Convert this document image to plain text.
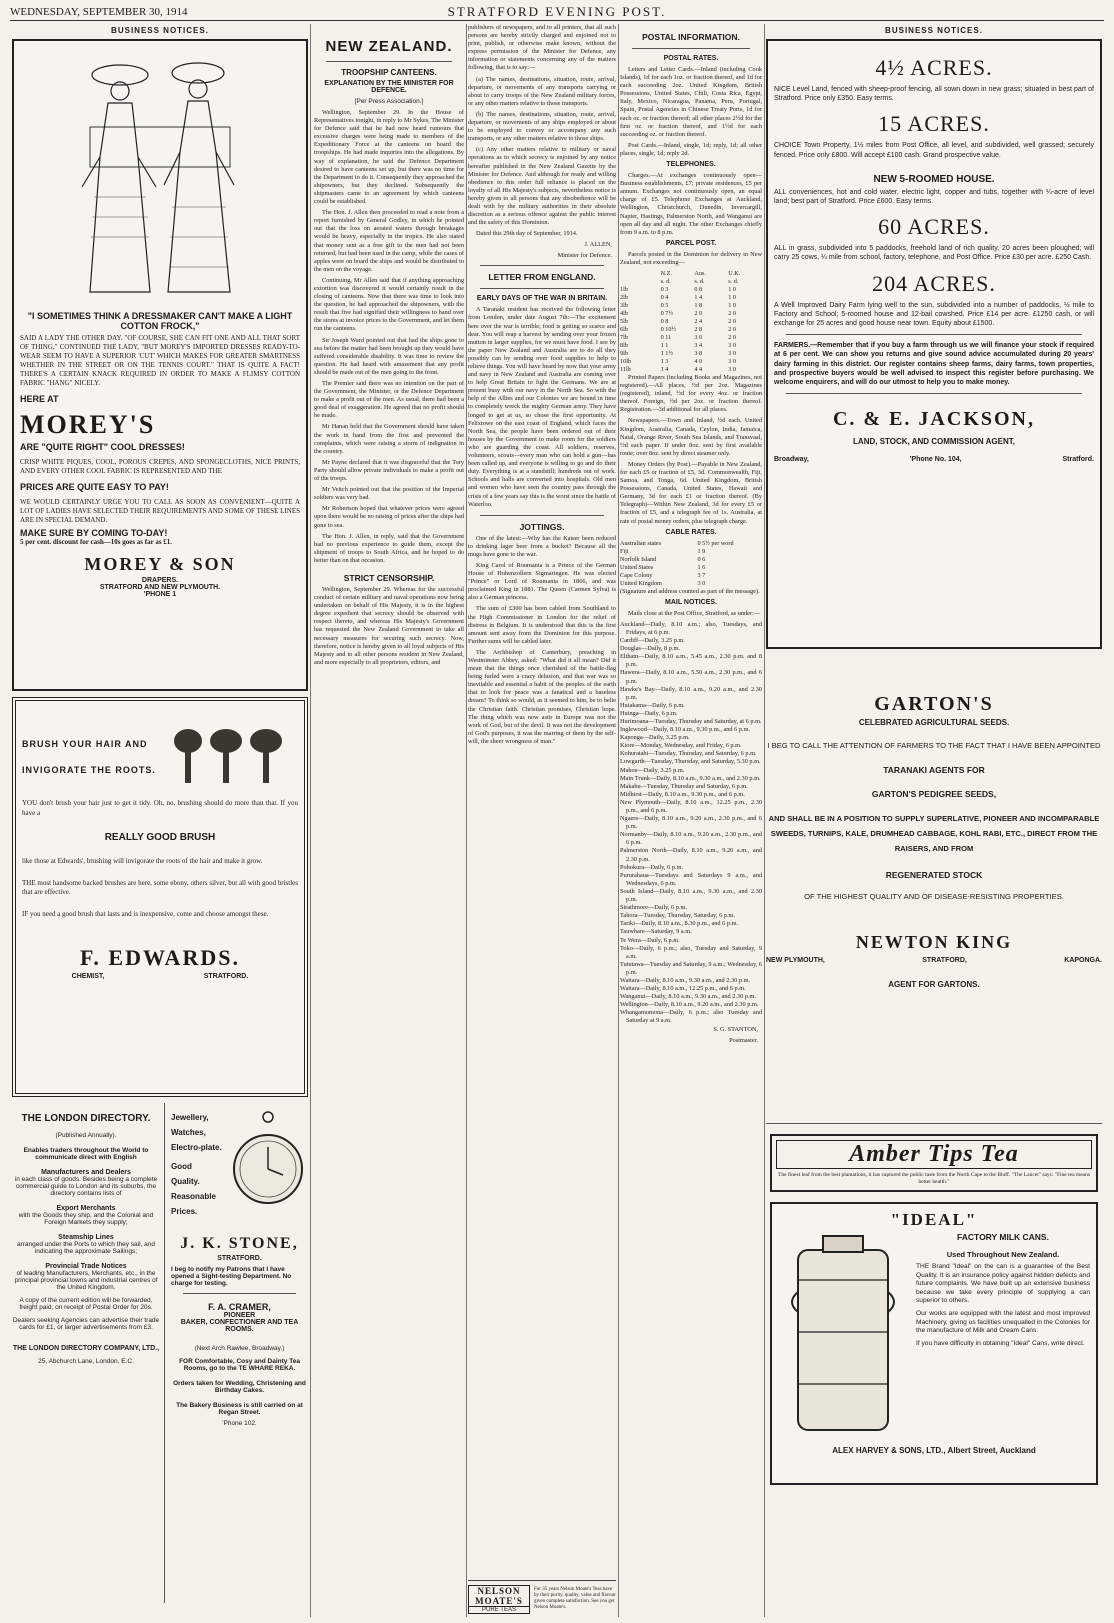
WEDNESDAY, SEPTEMBER 30, 1914	STRATFORD EVENING POST.
BUSINESS NOTICES.
"I SOMETIMES THINK A DRESSMAKER CAN'T MAKE A LIGHT COTTON FROCK,"
SAID A LADY THE OTHER DAY. "OF COURSE, SHE CAN FIT ONE AND ALL THAT SORT OF THING," CONTINUED THE LADY, "BUT MOREY'S IMPORTED DRESSES READY-TO-WEAR SEEM TO HAVE A SUPERIOR 'CUT' WHICH MAKES FOR GREATER SMARTNESS WHETHER IN THE STREET OR ON THE TENNIS COURT." THAT IS QUITE A FACT! THERE'S A CERTAIN KNACK REQUIRED IN ORDER TO MAKE A FLIMSY COTTON FABRIC "HANG" NICELY.
HERE AT
MOREY'S
ARE "QUITE RIGHT" COOL DRESSES!
CRISP WHITE PIQUES, COOL, POROUS CREPES, AND SPONGECLOTHS, NICE PRINTS, AND EVERY OTHER COOL FABRIC IS REPRESENTED AND THE
PRICES ARE QUITE EASY TO PAY!
WE WOULD CERTAINLY URGE YOU TO CALL AS SOON AS CONVENIENT—QUITE A LOT OF LADIES HAVE SELECTED THEIR REQUIREMENTS AND SOME OF THESE LINES ARE IN SPECIAL DEMAND.
MAKE SURE BY COMING TO-DAY!
5 per cent. discount for cash—10s goes as far as £1.
MOREY & SON
DRAPERS.
STRATFORD AND NEW PLYMOUTH.
'PHONE 1
BRUSH YOUR HAIR AND
INVIGORATE THE ROOTS.
YOU don't brush your hair just to get it tidy. Oh, no, brushing should do more than that. If you have a
REALLY GOOD BRUSH
like those at Edwards', brushing will invigorate the roots of the hair and make it grow.
THE most handsome backed brushes are here, some ebony, others silver, but all with good bristles that are effective.
IF you need a good brush that lasts and is inexpensive, come and choose amongst these.
F. EDWARDS.
CHEMIST,	STRATFORD.
THE LONDON DIRECTORY.
(Published Annually).
Enables traders throughout the World to communicate direct with English
Manufacturers and Dealers
in each class of goods. Besides being a complete commercial guide to London and its suburbs, the directory contains lists of
Export Merchants
with the Goods they ship, and the Colonial and Foreign Markets they supply;
Steamship Lines
arranged under the Ports to which they sail, and indicating the approximate Sailings;
Provincial Trade Notices
of leading Manufacturers, Merchants, etc., in the principal provincial towns and industrial centres of the United Kingdom.
A copy of the current edition will be forwarded, freight paid, on receipt of Postal Order for 20s.
Dealers seeking Agencies can advertise their trade cards for £1, or larger advertisements from £3.
THE LONDON DIRECTORY COMPANY, LTD.,
25, Abchurch Lane, London, E.C.
Jewellery,
Watches,
Electro-plate.
Good
Quality.
Reasonable
Prices.
J. K. STONE,
STRATFORD.
I beg to notify my Patrons that I have opened a Sight-testing Department. No charge for testing.
F. A. CRAMER,
PIONEER
BAKER, CONFECTIONER AND TEA ROOMS.
(Next Arch Rawlee, Broadway.)
FOR Comfortable, Cosy and Dainty Tea Rooms, go to the TE WHARE REKA.
Orders taken for Wedding, Christening and Birthday Cakes.
The Bakery Business is still carried on at Regan Street.
'Phone 102.
NEW ZEALAND.
TROOPSHIP CANTEENS.
EXPLANATION BY THE MINISTER FOR DEFENCE.
[Per Press Association.]
Wellington, September 29. In the House of Representatives tonight, in reply to Mr Sykes, The Minister for Defence said that he had now heard rumours that excessive charges were being made to members of the Expeditionary Force at the canteens on board the troopships. He had made inquiries into the allegations. By way of explanation, he said the Defence Department desired to have canteens set up, but there was no time for the Department to do it. Consequently they approached the shipowners, but they declined. Subsequently the shipmasters came to an agreement by which canteens could be established.
The Hon. J. Allen then proceeded to read a note from a report furnished by General Godley, in which he pointed out that the loss on aerated waters through breakages would be heavy, especially in the tropics. He also stated that money sent as a free gift to the men had not been returned, but had been used in the camp, while the cases of apples were on board the ships and would be distributed to the men on the voyage.
Continuing, Mr Allen said that if anything approaching extortion was discovered it would certainly result in the closing of canteens. Now that there was time to look into the question, he had approached the shipowners, with the result that five had signified their willingness to hand over the stores at invoice prices to the Government, and let them run the canteens.
Sir Joseph Ward pointed out that had the ships gone to sea before the matter had been brought up they would have suffered considerable disability. It was time to review the question. He had heard with amazement that any profit should be made out of the men going to the front.
The Premier said there was no intention on the part of the Government, the Minister, or the Defence Department to make a profit out of the men. As usual, there had been a good deal of exaggeration. He agreed that no profit should be made.
Mr Hanan held that the Government should have taken the work in hand from the first and prevented the complaints, which were raising a storm of indignation in the country.
Mr Payne declared that it was disgraceful that the Tory Party should allow private individuals to make a profit out of the troops.
Mr Veitch pointed out that the position of the Imperial soldiers was very bad.
Mr Robertson hoped that whatever prices were agreed upon there would be no raising of prices after the ships had gone to sea.
The Hon. J. Allen, in reply, said that the Government had no previous experience to guide them, except the shipment of troops to South Africa, and he hoped to do better than on that occasion.
STRICT CENSORSHIP.
Wellington, September 29. Whereas for the successful conduct of certain military and naval operations now being undertaken on behalf of His Majesty, it is in the highest degree expedient that secrecy should be observed with respect thereto, and whereas His Majesty's Government has requested the New Zealand Government to take all necessary measures for securing such secrecy. Now, therefore, notice is hereby given to all loyal subjects of His Majesty and to all other persons resident in New Zealand, and more especially to all proprietors, editors, and
publishers of newspapers, and to all printers, that all such persons are hereby strictly charged and enjoined not to print, publish, or otherwise make known, without the express permission of the Minister for Defence, any information or statements concerning any of the matters following, that is to say:—
(a) The names, destinations, situation, route, arrival, departure, or movements of any transports carrying or about to carry troops of the New Zealand military forces, or any other matters relative to those transports.
(b) The names, destinations, situation, route, arrival, departure, or movements of any ships employed or about to be employed to convey or accompany any such transports, or any other matters relative to those ships.
(c) Any other matters relative to military or naval operations as to which secrecy is enjoined by any notice hereafter published in the New Zealand Gazette by the Minister for Defence. And although for ready and willing obedience to this order full reliance is placed on the loyalty of all His Majesty's subjects, nevertheless notice is hereby given to all persons that any disobedience will be dealt with by the military authorities in their absolute discretion as a serious offence against the public interest and the safety of this Dominion.
Dated this 29th day of September, 1914.
J. ALLEN,
Minister for Defence.
LETTER FROM ENGLAND.
EARLY DAYS OF THE WAR IN BRITAIN.
A Taranaki resident has received the following letter from London, under date August 7th:—The excitement here over the war is terrible; food is getting so scarce and dear. You will reap a harvest by sending over your frozen mutton in larger supplies, for we must have food. I see by the paper New Zealand and Australia are to do all they possibly can by sending over food supplies to help to relieve things. You will have heard by now that your army and navy in New Zealand and Australia are coming over to help Great Britain to fight the Germans. We are at present busy with our navy in the North Sea. So with the help of the Allies and our Colonies we are bound in time to completely wreck the mighty German army. They have longed to get at us, so chose the first opportunity. At Felixtowe on the east coast of England, which faces the North Sea, the people have been ordered out of their houses by the Government to make room for the soldiers who are guarding the coast. All soldiers, reserves, volunteers, scouts—every man who can hold a gun—has been called up, and everyone is willing to go and do their duty. Everything is at a standstill; hundreds out of work. Schools and halls are converted into hospitals. Old men and women who have seen the country pass through the crisis of a few years say this is the worst since the battle of Waterloo.
JOTTINGS.
One of the latest:—Why has the Kaiser been reduced to drinking lager beer from a bucket? Because all the mugs have gone to the war.
King Carol of Roumania is a Prince of the German House of Hohenzollern Sigmaringen. He was elected "Prince" or Lord of Roumania in 1866, and was proclaimed King in 1881. The Queen (Carmen Sylva) is also a German princess.
The sum of £300 has been cabled from Southland to the High Commissioner in London for the relief of distress in Belgium. It is understood that this is the first amount sent away from the Dominion for this purpose. Further sums will be cabled later.
The Archbishop of Canterbury, preaching in Westminster Abbey, asked: "What did it all mean? Did it mean that the things once cherished of the battle-flag being furled were a crazy delusion, and that war was so inevitable and essential a habit of the peoples of the earth that to look for peace was a fanatical and a baseless dream? To think so would, as it seemed to him, be to belie the Christian faith. Christian promises, Christian hope. The thing which was now astir in Europe was not the work of God, but of the devil. It was not the development of God's purposes, it was the marring of them by the self-will, the sheer wrongness of man."
NELSON MOATE'S
PURE TEAS
For 35 years Nelson Moate's Teas have by their purity, quality, value and flavour given complete satisfaction. See you get Nelson Moate's.
POSTAL INFORMATION.
POSTAL RATES.
Letters and Letter Cards.—Inland (including Cook Islands), 1d for each 1oz. or fraction thereof, and 1d for each succeeding 2oz. United Kingdom, British Possessions, United States, Chili, Costa Rica, Egypt, Italy, Mexico, Nicaragua, Panama, Peru, Portugal, Spain, Postal Agencies in Chinese Treaty Ports, 1d for each oz. or fraction thereof; all other places 2½d for the first oz. or fraction thereof, and 1½d for each succeeding oz. or fraction thereof.
Post Cards.—Inland, single, 1d; reply, 1d; all other places, single, 1d; reply 2d.
TELEPHONES.
Charges.—At exchanges continuously open—Business establishments, £7; private residences, £5 per annum. Exchanges not continuously open, an equal charge of £5. Telephone Exchanges at Auckland, Wellington, Christchurch, Dunedin, Invercargill, Napier, Hastings, Palmerston North, and Wanganui are open all day and all night. The other Exchanges chiefly from 9 a.m. to 8 p.m.
PARCEL POST.
Parcels posted in the Dominion for delivery in New Zealand, not exceeding—
N.Z.	Aus.	U.K.
s. d.	s. d.	s. d.
1lb	0 3	0 8	1 0
2lb	0 4	1 4	1 0
3lb	0 5	1 8	1 0
4lb	0 7½	2 0	2 0
5lb	0 8	2 4	2 0
6lb	0 10½	2 8	2 0
7lb	0 11	3 0	2 0
8lb	1 1	3 4	3 0
9lb	1 1½	3 8	3 0
10lb	1 3	4 0	3 0
11lb	1 4	4 4	3 0
Printed Papers (including Books and Magazines, not registered).—All places, ½d per 2oz. Magazines (registered), inland, ½d for every 4oz. or fraction thereof. Foreign, ½d per 2oz. or fraction thereof. Registration.—3d additional for all places.
Newspapers.—Town and Inland, ½d each. United Kingdom, Australia, Canada, Ceylon, India, Jamaica, Natal, Orange River, South Sea Islands, and Transvaal, ½d each paper. If under 8oz. sent by first available route; over 8oz. sent by direct steamer only.
Money Orders (by Post).—Payable in New Zealand, for each £5 or fraction of £5, 3d. Commonwealth, Fiji, Samoa, and Tonga, 6d. United Kingdom, British Possessions, Canada, United States, Hawaii and Germany, 3d for each £1 or fraction thereof. (By Telegraph)—Within New Zealand, 3d for every £5 or fraction of £5, and a telegraph fee of 1s. Australia, at rate of postal money orders, plus telegraph charge.
CABLE RATES.
Australian states	0 5½ per word
Fiji	1 9
Norfolk Island	0 6
United States	1 6
Cape Colony	3 7
United Kingdom	3 0
(Signature and address counted as part of the message).
MAIL NOTICES.
Mails close at the Post Office, Stratford, as under:—
Auckland—Daily, 8.10 a.m.; also, Tuesdays, and Fridays, at 6 p.m.
Cardiff—Daily, 3.25 p.m.
Douglas—Daily, 8 p.m.
Eltham—Daily, 8.10 a.m., 5.45 a.m., 2.30 p.m. and 8 p.m.
Hawera—Daily, 8.10 a.m., 5.50 a.m., 2.30 p.m., and 6 p.m.
Hawke's Bay—Daily, 8.10 a.m., 9.20 a.m., and 2.30 p.m.
Huiakama—Daily, 6 p.m.
Huinga—Daily, 6 p.m.
Hurimoana—Tuesday, Thursday and Saturday, at 6 p.m.
Inglewood—Daily, 8.10 a.m., 9.30 p.m., and 6 p.m.
Kaponga—Daily, 3.25 p.m.
Kiore—Monday, Wednesday, and Friday, 6 p.m.
Kohuratahi—Tuesday, Thursday, and Saturday, 6 p.m.
Lowgarth—Tuesday, Thursday, and Saturday, 5.30 p.m.
Mahoe—Daily, 3.25 p.m.
Main Trunk—Daily, 8.10 a.m., 9.30 a.m., and 2.30 p.m.
Makahu—Tuesday, Thursday and Saturday, 6 p.m.
Midhirst—Daily, 8.10 a.m., 9.30 p.m., and 6 p.m.
New Plymouth—Daily, 8.10 a.m., 12.25 p.m., 2.30 p.m., and 6 p.m.
Ngaere—Daily, 8.10 a.m., 9.20 a.m., 2.30 p.m., and 6 p.m.
Normanby—Daily, 8.10 a.m., 9.20 a.m., 2.30 p.m., and 6 p.m.
Palmerston North—Daily, 8.10 a.m., 9.20 a.m., and 2.30 p.m.
Pohokura—Daily, 6 p.m.
Pururahaua—Tuesdays and Saturdays 9 a.m., and Wednesdays, 6 p.m.
South Island—Daily, 8.10 a.m., 9.30 a.m., and 2.30 p.m.
Strathmore—Daily, 6 p.m.
Tahora—Tuesday, Thursday, Saturday, 6 p.m.
Tariki—Daily, 8.10 a.m., 8.30 p.m., and 6 p.m.
Tauwhare—Saturday, 9 a.m.
Te Wera—Daily, 6 p.m.
Toko—Daily, 6 p.m.; also, Tuesday and Saturday, 9 a.m.
Tututawa—Tuesday and Saturday, 9 a.m.; Wednesday, 6 p.m.
Waitara—Daily, 8.10 a.m., 9.30 a.m., and 2.30 p.m.
Waitara—Daily, 8.10 a.m., 12.25 p.m., and 6 p.m.
Wanganui—Daily, 8.10 a.m., 9.30 a.m., and 2.30 p.m.
Wellington—Daily, 8.10 a.m., 9.20 a.m., and 2.30 p.m.
Whangamomona—Daily, 6 p.m.; also Tuesday and Saturday at 9 a.m.
S. G. STANTON,
Postmaster.
BUSINESS NOTICES.
4½ ACRES.
NICE Level Land, fenced with sheep-proof fencing, all sown down in new grass; situated in best part of Stratford. Price only £350. Easy terms.
15 ACRES.
CHOICE Town Property, 1½ miles from Post Office, all level, and subdivided, well grassed; securely fenced. Price only £800. Will accept £100 cash. Grand prospective value.
NEW 5-ROOMED HOUSE.
ALL conveniences, hot and cold water, electric light, copper and tubs, together with ¼-acre of level land; best part of Stratford. Price £600. Easy terms.
60 ACRES.
ALL in grass, subdivided into 5 paddocks, freehold land of rich quality, 20 acres been ploughed; will carry 25 cows, ¼ mile from school, factory, telephone, and Post Office. Price £30 per acre. £250 Cash.
204 ACRES.
A Well Improved Dairy Farm lying well to the sun, subdivided into a number of paddocks, ½ mile to Factory and School; 5-roomed house and 12-bail cowshed. Price £14 per acre. £1250 cash, or will exchange for 25 acres and good house near town. Equity about £1500.
FARMERS.—Remember that if you buy a farm through us we will finance your stock if required at 6 per cent. We can show you returns and give sound advice accumulated during 20 years' dairy farming in this district. Our register contains sheep farms, dairy farms, town properties, and prospective buyers would be well advised to inspect this register before purchasing. We welcome enquirers, and will do our utmost to help you to make money.
C. & E. JACKSON,
LAND, STOCK, AND COMMISSION AGENT,
Broadway,	'Phone No. 104,	Stratford.
GARTON'S
CELEBRATED AGRICULTURAL SEEDS.
I BEG TO CALL THE ATTENTION OF FARMERS TO THE FACT THAT I HAVE BEEN APPOINTED
TARANAKI AGENTS FOR
GARTON'S PEDIGREE SEEDS,
AND SHALL BE IN A POSITION TO SUPPLY SUPERLATIVE, PIONEER AND INCOMPARABLE SWEEDS, TURNIPS, KALE, DRUMHEAD CABBAGE, KOHL RABI, ETC., DIRECT FROM THE RAISERS, AND FROM
REGENERATED STOCK
OF THE HIGHEST QUALITY AND OF DISEASE-RESISTING PROPERTIES.
NEWTON KING
NEW PLYMOUTH,	STRATFORD,	KAPONGA.
AGENT FOR GARTONS.
Amber Tips Tea
The finest leaf from the best plantations, it has captured the public taste from the North Cape to the Bluff. "The Lancet" says: "Fine tea means better health."
"IDEAL"
FACTORY MILK CANS.
Used Throughout New Zealand.
THE Brand "Ideal" on the can is a guarantee of the Best Quality. It is an insurance policy against hidden defects and future complaints. We have built up an extensive business because we take every principle of supplying a can superior to others.
Our works are equipped with the latest and most improved Machinery, giving us facilities unequalled in the Colonies for the manufacture of Milk and Cream Cans.
If you have difficulty in obtaining "Ideal" Cans, write direct.
ALEX HARVEY & SONS, LTD., Albert Street, Auckland
